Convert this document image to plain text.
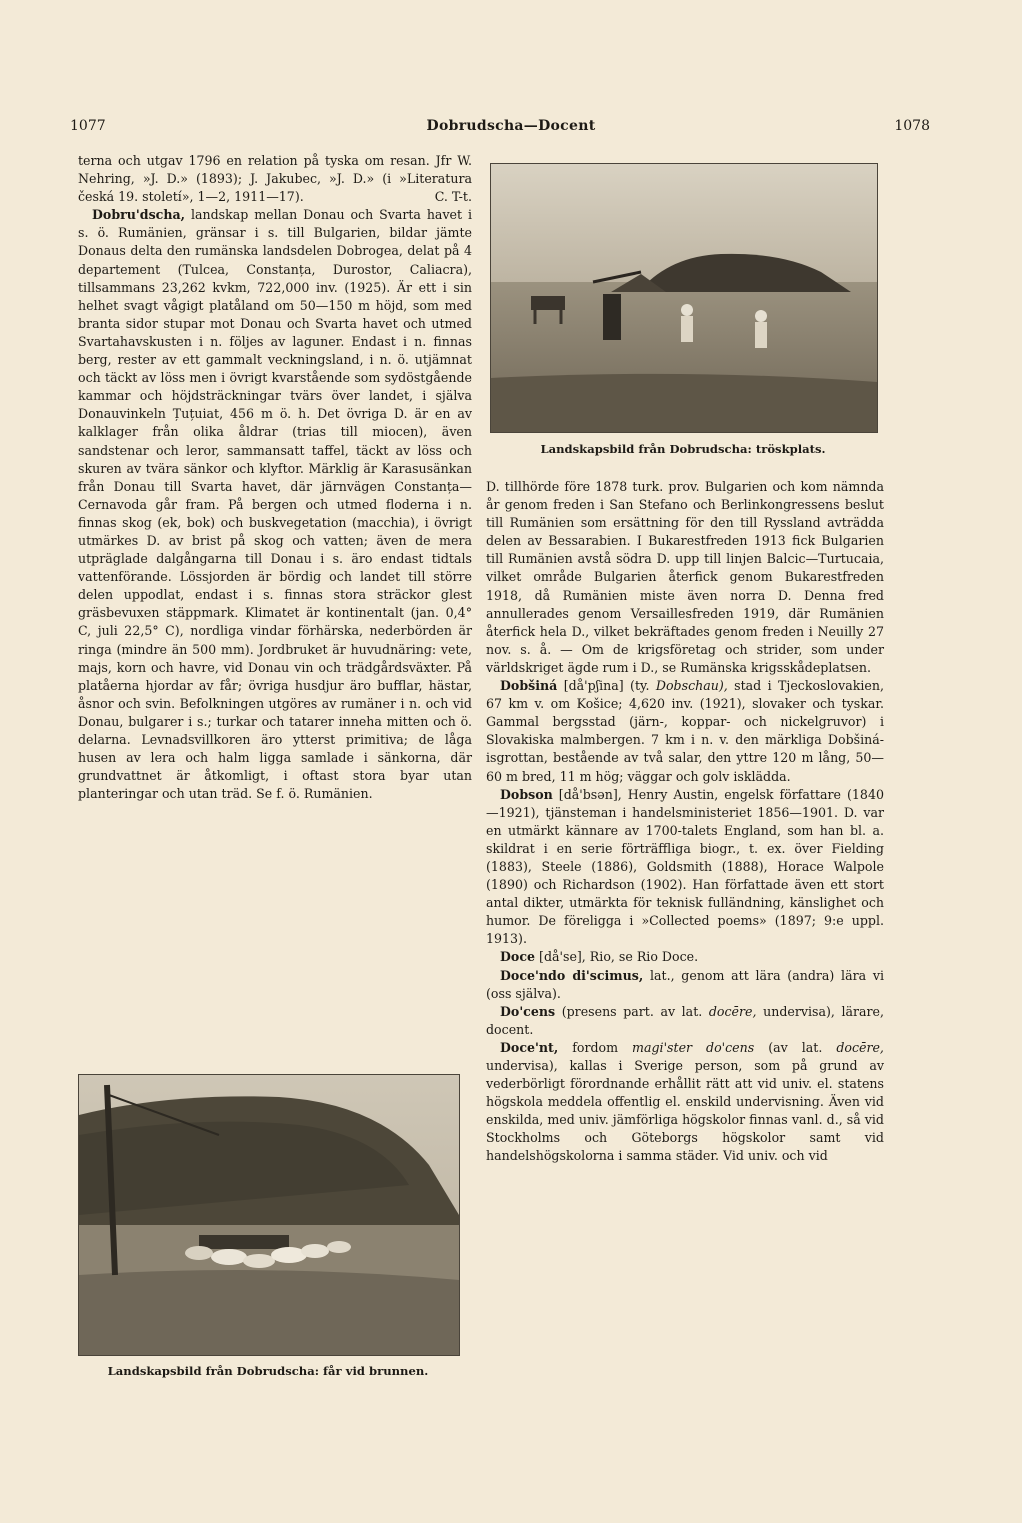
1077	Dobrudscha—Docent	1078

terna och utgav 1796 en relation på tyska om resan. Jfr W. Nehring, »J. D.» (1893); J. Jakubec, »J. D.» (i »Literatura česká 19. století», 1—2, 1911—17).	C. T-t.

Dobru'dscha, landskap mellan Donau och Svarta havet i s. ö. Rumänien, gränsar i s. till Bulgarien, bildar jämte Donaus delta den rumänska landsdelen Dobrogea, delat på 4 departement (Tulcea, Constanța, Durostor, Caliacra), tillsammans 23,262 kvkm, 722,000 inv. (1925). Är ett i sin helhet svagt vågigt platåland om 50—150 m höjd, som med branta sidor stupar mot Donau och Svarta havet och utmed Svartahavskusten i n. följes av laguner. Endast i n. finnas berg, rester av ett gammalt veckningsland, i n. ö. utjämnat och täckt av löss men i övrigt kvarstående som sydöstgående kammar och höjdsträckningar tvärs över landet, i själva Donauvinkeln Țuțuiat, 456 m ö. h. Det övriga D. är en av kalklager från olika åldrar (trias till miocen), även sandstenar och leror, sammansatt taffel, täckt av löss och skuren av tvära sänkor och klyftor. Märklig är Karasusänkan från Donau till Svarta havet, där järnvägen Constanța—Cernavoda går fram. På bergen och utmed floderna i n. finnas skog (ek, bok) och buskvegetation (macchia), i övrigt utmärkes D. av brist på skog och vatten; även de mera utpräglade dalgångarna till Donau i s. äro endast tidtals vattenförande. Lössjorden är bördig och landet till större delen uppodlat, endast i s. finnas stora sträckor glest gräsbevuxen stäppmark. Klimatet är kontinentalt (jan. 0,4° C, juli 22,5° C), nordliga vindar förhärska, nederbörden är ringa (mindre än 500 mm). Jordbruket är huvudnäring: vete, majs, korn och havre, vid Donau vin och trädgårdsväxter. På platåerna hjordar av får; övriga husdjur äro bufflar, hästar, åsnor och svin. Befolkningen utgöres av rumäner i n. och vid Donau, bulgarer i s.; turkar och tatarer inneha mitten och ö. delarna. Levnadsvillkoren äro ytterst primitiva; de låga husen av lera och halm ligga samlade i sänkorna, där grundvattnet är åtkomligt, i oftast stora byar utan planteringar och utan träd. Se f. ö. Rumänien.

Landskapsbild från Dobrudscha: tröskplats.

D. tillhörde före 1878 turk. prov. Bulgarien och kom nämnda år genom freden i San Stefano och Berlinkongressens beslut till Rumänien som ersättning för den till Ryssland avträdda delen av Bessarabien. I Bukarestfreden 1913 fick Bulgarien till Rumänien avstå södra D. upp till linjen Balcic—Turtucaia, vilket område Bulgarien återfick genom Bukarestfreden 1918, då Rumänien miste även norra D. Denna fred annullerades genom Versaillesfreden 1919, där Rumänien återfick hela D., vilket bekräftades genom freden i Neuilly 27 nov. s. å. — Om de krigsföretag och strider, som under världskriget ägde rum i D., se Rumänska krigsskådeplatsen.

Dobšiná [då'pʃina] (ty. Dobschau), stad i Tjeckoslovakien, 67 km v. om Košice; 4,620 inv. (1921), slovaker och tyskar. Gammal bergsstad (järn-, koppar- och nickelgruvor) i Slovakiska malmbergen. 7 km i n. v. den märkliga Dobšiná-isgrottan, bestående av två salar, den yttre 120 m lång, 50—60 m bred, 11 m hög; väggar och golv isklädda.

Dobson [då'bsən], Henry Austin, engelsk författare (1840—1921), tjänsteman i handelsministeriet 1856—1901. D. var en utmärkt kännare av 1700-talets England, som han bl. a. skildrat i en serie förträffliga biogr., t. ex. över Fielding (1883), Steele (1886), Goldsmith (1888), Horace Walpole (1890) och Richardson (1902). Han författade även ett stort antal dikter, utmärkta för teknisk fulländning, känslighet och humor. De föreligga i »Collected poems» (1897; 9:e uppl. 1913).

Doce [då'se], Rio, se Rio Doce.

Doce'ndo di'scimus, lat., genom att lära (andra) lära vi (oss själva).

Do'cens (presens part. av lat. docēre, undervisa), lärare, docent.

Doce'nt, fordom magi'ster do'cens (av lat. docēre, undervisa), kallas i Sverige person, som på grund av vederbörligt förordnande erhållit rätt att vid univ. el. statens högskola meddela offentlig el. enskild undervisning. Även vid enskilda, med univ. jämförliga högskolor finnas vanl. d., så vid Stockholms och Göteborgs högskolor samt vid handelshögskolorna i samma städer. Vid univ. och vid

Landskapsbild från Dobrudscha: får vid brunnen.
